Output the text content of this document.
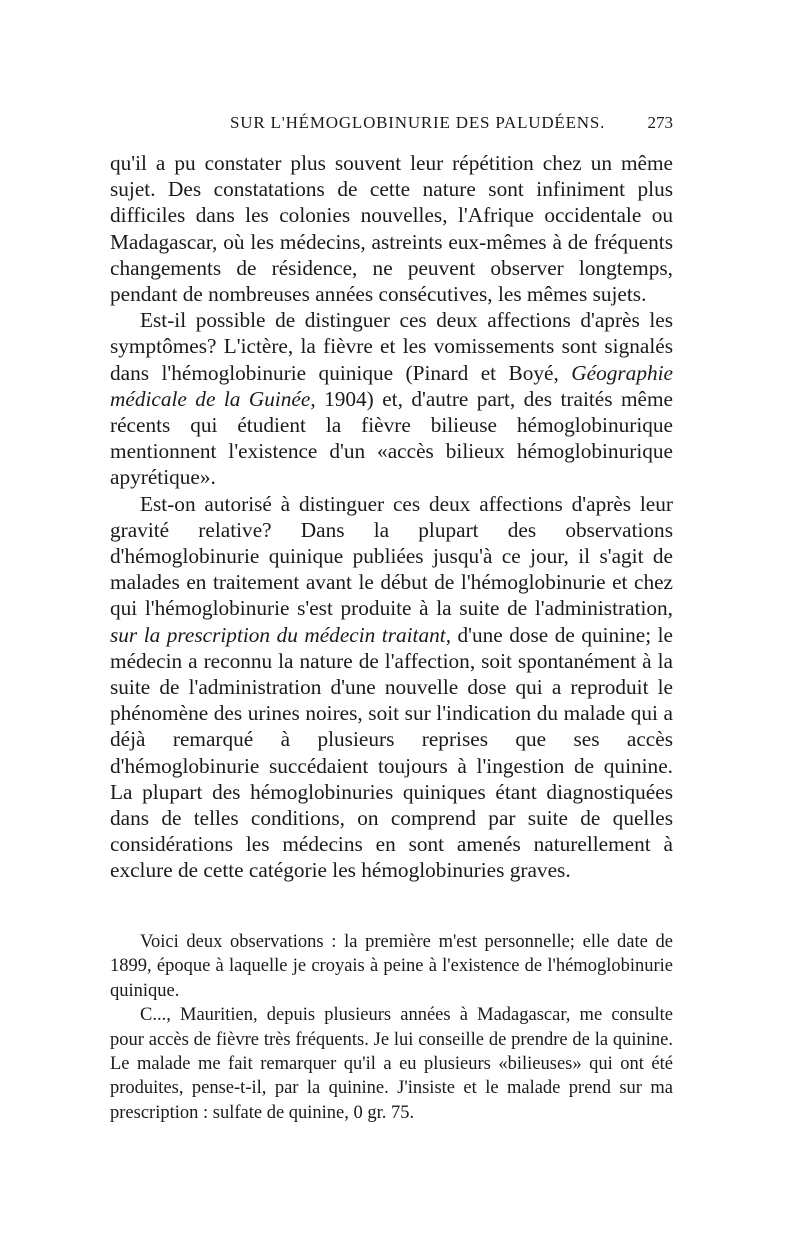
SUR L'HÉMOGLOBINURIE DES PALUDÉENS. 273

qu'il a pu constater plus souvent leur répétition chez un même sujet. Des constatations de cette nature sont infiniment plus difficiles dans les colonies nouvelles, l'Afrique occidentale ou Madagascar, où les médecins, astreints eux-mêmes à de fréquents changements de résidence, ne peuvent observer longtemps, pendant de nombreuses années consécutives, les mêmes sujets.

Est-il possible de distinguer ces deux affections d'après les symptômes? L'ictère, la fièvre et les vomissements sont signalés dans l'hémoglobinurie quinique (Pinard et Boyé, Géographie médicale de la Guinée, 1904) et, d'autre part, des traités même récents qui étudient la fièvre bilieuse hémoglobinurique mentionnent l'existence d'un «accès bilieux hémoglobinurique apyrétique».

Est-on autorisé à distinguer ces deux affections d'après leur gravité relative? Dans la plupart des observations d'hémoglobinurie quinique publiées jusqu'à ce jour, il s'agit de malades en traitement avant le début de l'hémoglobinurie et chez qui l'hémoglobinurie s'est produite à la suite de l'administration, sur la prescription du médecin traitant, d'une dose de quinine; le médecin a reconnu la nature de l'affection, soit spontanément à la suite de l'administration d'une nouvelle dose qui a reproduit le phénomène des urines noires, soit sur l'indication du malade qui a déjà remarqué à plusieurs reprises que ses accès d'hémoglobinurie succédaient toujours à l'ingestion de quinine. La plupart des hémoglobinuries quiniques étant diagnostiquées dans de telles conditions, on comprend par suite de quelles considérations les médecins en sont amenés naturellement à exclure de cette catégorie les hémoglobinuries graves.

Voici deux observations : la première m'est personnelle; elle date de 1899, époque à laquelle je croyais à peine à l'existence de l'hémoglobinurie quinique.

C..., Mauritien, depuis plusieurs années à Madagascar, me consulte pour accès de fièvre très fréquents. Je lui conseille de prendre de la quinine. Le malade me fait remarquer qu'il a eu plusieurs «bilieuses» qui ont été produites, pense-t-il, par la quinine. J'insiste et le malade prend sur ma prescription : sulfate de quinine, 0 gr. 75.
